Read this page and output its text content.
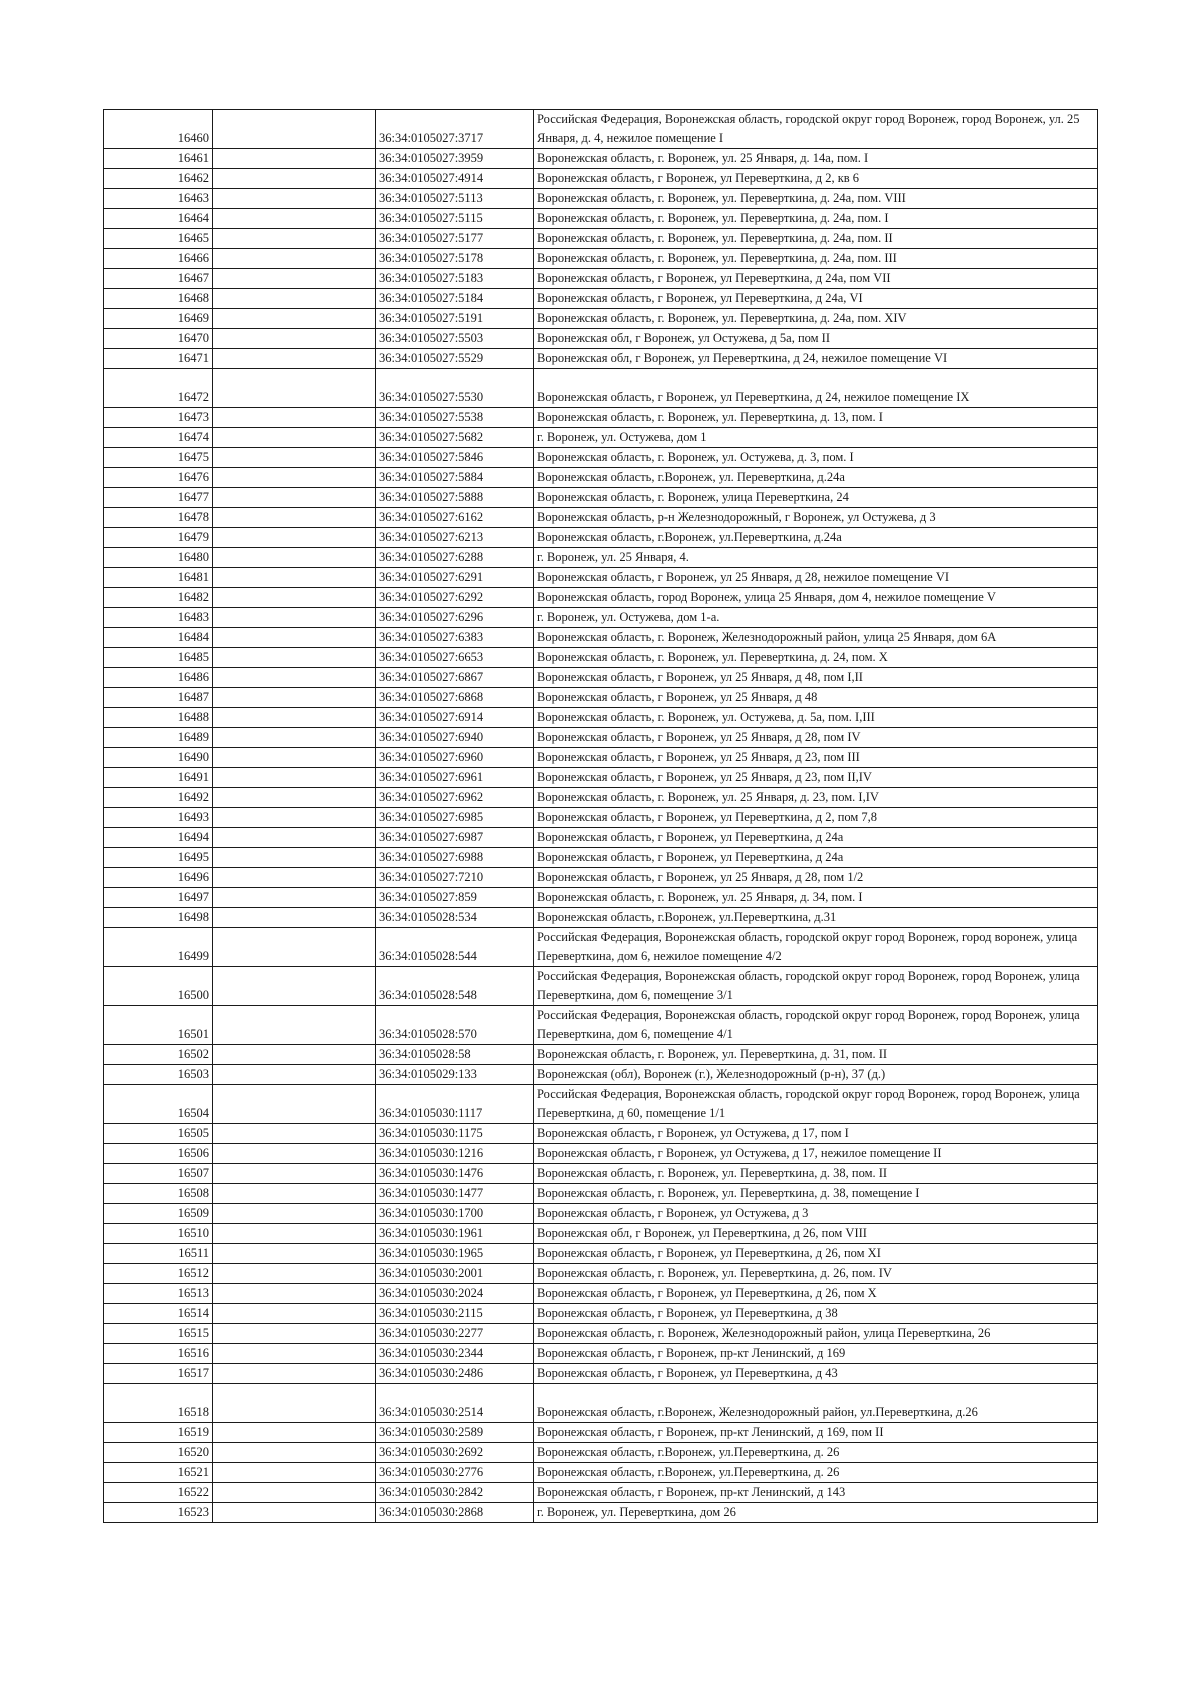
16460		36:34:0105027:3717	Российская Федерация, Воронежская область, городской округ город Воронеж, город Воронеж, ул. 25 Января, д. 4, нежилое помещение I
16461		36:34:0105027:3959	Воронежская область, г. Воронеж, ул. 25 Января, д. 14а, пом. I
16462		36:34:0105027:4914	Воронежская область, г Воронеж, ул Переверткина, д 2, кв 6
16463		36:34:0105027:5113	Воронежская область, г. Воронеж, ул. Переверткина, д. 24а, пом. VIII
16464		36:34:0105027:5115	Воронежская область, г. Воронеж, ул. Переверткина, д. 24а, пом. I
16465		36:34:0105027:5177	Воронежская область, г. Воронеж, ул. Переверткина, д. 24а, пом. II
16466		36:34:0105027:5178	Воронежская область, г. Воронеж, ул. Переверткина, д. 24а, пом. III
16467		36:34:0105027:5183	Воронежская область, г Воронеж, ул Переверткина, д 24а, пом VII
16468		36:34:0105027:5184	Воронежская область, г Воронеж, ул Переверткина, д 24а, VI
16469		36:34:0105027:5191	Воронежская область, г. Воронеж, ул. Переверткина, д. 24а, пом. XIV
16470		36:34:0105027:5503	Воронежская обл, г Воронеж, ул Остужева, д 5а, пом II
16471		36:34:0105027:5529	Воронежская обл, г Воронеж, ул Переверткина, д 24, нежилое помещение VI
16472		36:34:0105027:5530	Воронежская область, г Воронеж, ул Переверткина, д 24, нежилое помещение IX
16473		36:34:0105027:5538	Воронежская область, г. Воронеж, ул. Переверткина, д. 13, пом. I
16474		36:34:0105027:5682	г. Воронеж, ул. Остужева, дом 1
16475		36:34:0105027:5846	Воронежская область, г. Воронеж, ул. Остужева, д. 3, пом. I
16476		36:34:0105027:5884	Воронежская область, г.Воронеж, ул. Переверткина, д.24а
16477		36:34:0105027:5888	Воронежская область, г. Воронеж, улица Переверткина, 24
16478		36:34:0105027:6162	Воронежская область, р-н Железнодорожный, г Воронеж, ул Остужева, д 3
16479		36:34:0105027:6213	Воронежская область, г.Воронеж, ул.Переверткина, д.24а
16480		36:34:0105027:6288	г. Воронеж, ул. 25 Января, 4.
16481		36:34:0105027:6291	Воронежская область, г Воронеж, ул 25 Января, д 28, нежилое помещение VI
16482		36:34:0105027:6292	Воронежская область, город Воронеж, улица 25 Января, дом 4, нежилое помещение V
16483		36:34:0105027:6296	г. Воронеж, ул. Остужева, дом 1-а.
16484		36:34:0105027:6383	Воронежская область, г. Воронеж, Железнодорожный район, улица 25 Января, дом 6А
16485		36:34:0105027:6653	Воронежская область, г. Воронеж, ул. Переверткина, д. 24, пом. X
16486		36:34:0105027:6867	Воронежская область, г Воронеж, ул 25 Января, д 48, пом I,II
16487		36:34:0105027:6868	Воронежская область, г Воронеж, ул 25 Января, д 48
16488		36:34:0105027:6914	Воронежская область, г. Воронеж, ул. Остужева, д. 5а, пом. I,III
16489		36:34:0105027:6940	Воронежская область, г Воронеж, ул 25 Января, д 28, пом IV
16490		36:34:0105027:6960	Воронежская область, г Воронеж, ул 25 Января, д 23, пом III
16491		36:34:0105027:6961	Воронежская область, г Воронеж, ул 25 Января, д 23, пом II,IV
16492		36:34:0105027:6962	Воронежская область, г. Воронеж, ул. 25 Января, д. 23, пом. I,IV
16493		36:34:0105027:6985	Воронежская область, г Воронеж, ул Переверткина, д 2, пом 7,8
16494		36:34:0105027:6987	Воронежская область, г Воронеж, ул Переверткина, д 24а
16495		36:34:0105027:6988	Воронежская область, г Воронеж, ул Переверткина, д 24а
16496		36:34:0105027:7210	Воронежская область, г Воронеж, ул 25 Января, д 28, пом 1/2
16497		36:34:0105027:859	Воронежская область, г. Воронеж, ул. 25 Января, д. 34, пом. I
16498		36:34:0105028:534	Воронежская область, г.Воронеж, ул.Переверткина, д.31
16499		36:34:0105028:544	Российская Федерация, Воронежская область, городской округ город Воронеж, город воронеж, улица Переверткина, дом 6, нежилое помещение 4/2
16500		36:34:0105028:548	Российская Федерация, Воронежская область, городской округ город Воронеж, город Воронеж, улица Переверткина, дом 6, помещение 3/1
16501		36:34:0105028:570	Российская Федерация, Воронежская область, городской округ город Воронеж, город Воронеж, улица Переверткина, дом 6, помещение 4/1
16502		36:34:0105028:58	Воронежская область, г. Воронеж, ул. Переверткина, д. 31, пом. II
16503		36:34:0105029:133	Воронежская (обл), Воронеж (г.), Железнодорожный (р-н), 37 (д.)
16504		36:34:0105030:1117	Российская Федерация, Воронежская область, городской округ город Воронеж, город Воронеж, улица Переверткина, д 60, помещение 1/1
16505		36:34:0105030:1175	Воронежская область, г Воронеж, ул Остужева, д 17, пом I
16506		36:34:0105030:1216	Воронежская область, г Воронеж, ул Остужева, д 17, нежилое помещение II
16507		36:34:0105030:1476	Воронежская область, г. Воронеж, ул. Переверткина, д. 38, пом. II
16508		36:34:0105030:1477	Воронежская область, г. Воронеж, ул. Переверткина, д. 38, помещение I
16509		36:34:0105030:1700	Воронежская область, г Воронеж, ул Остужева, д 3
16510		36:34:0105030:1961	Воронежская обл, г Воронеж, ул Переверткина, д 26, пом VIII
16511		36:34:0105030:1965	Воронежская область, г Воронеж, ул Переверткина, д 26, пом XI
16512		36:34:0105030:2001	Воронежская область, г. Воронеж, ул. Переверткина, д. 26, пом. IV
16513		36:34:0105030:2024	Воронежская область, г Воронеж, ул Переверткина, д 26, пом X
16514		36:34:0105030:2115	Воронежская область, г Воронеж, ул Переверткина, д 38
16515		36:34:0105030:2277	Воронежская область, г. Воронеж, Железнодорожный район, улица Переверткина, 26
16516		36:34:0105030:2344	Воронежская область, г Воронеж, пр-кт Ленинский, д 169
16517		36:34:0105030:2486	Воронежская область, г Воронеж, ул Переверткина, д 43
16518		36:34:0105030:2514	Воронежская область, г.Воронеж, Железнодорожный район, ул.Переверткина, д.26
16519		36:34:0105030:2589	Воронежская область, г Воронеж, пр-кт Ленинский, д 169, пом II
16520		36:34:0105030:2692	Воронежская область, г.Воронеж, ул.Переверткина, д. 26
16521		36:34:0105030:2776	Воронежская область, г.Воронеж, ул.Переверткина, д. 26
16522		36:34:0105030:2842	Воронежская область, г Воронеж, пр-кт Ленинский, д 143
16523		36:34:0105030:2868	г. Воронеж, ул. Переверткина, дом 26
